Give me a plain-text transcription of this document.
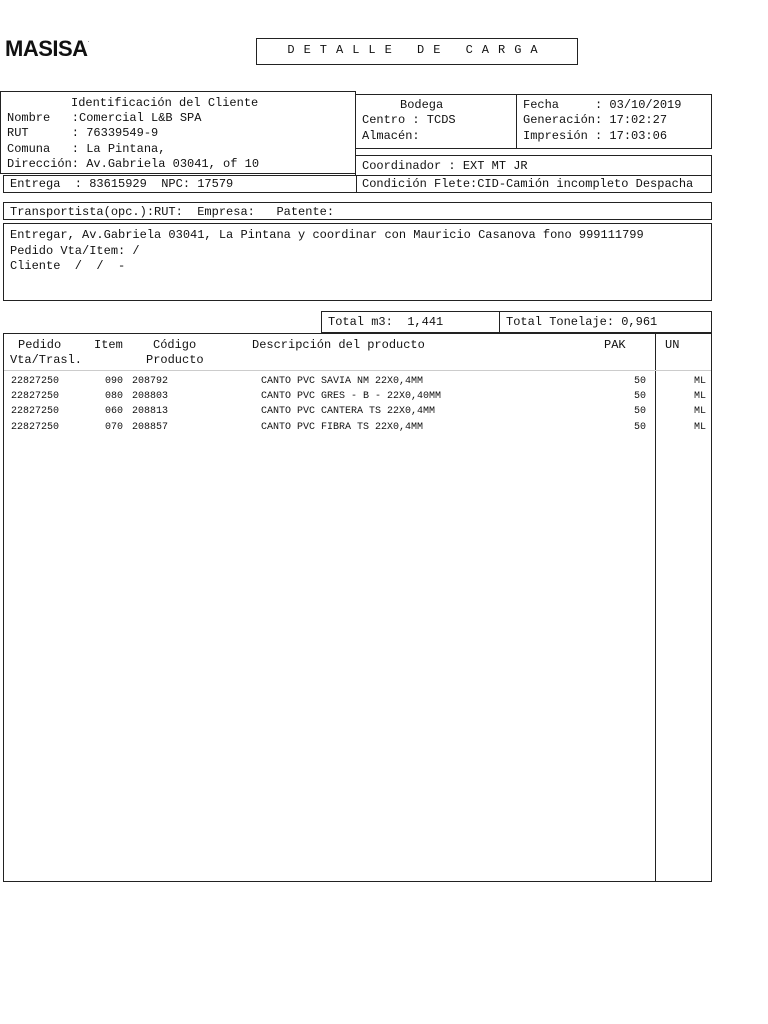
MASISA.
DETALLE DE CARGA
Identificación del Cliente
Nombre   :Comercial L&B SPA
RUT      : 76339549-9
Comuna   : La Pintana,
Dirección: Av.Gabriela 03041, of 10
Bodega
Centro : TCDS
Almacén:
Fecha     : 03/10/2019
Generación: 17:02:27
Impresión : 17:03:06
Coordinador : EXT MT JR
Entrega  : 83615929  NPC: 17579	Condición Flete:CID-Camión incompleto Despacha
Transportista(opc.):RUT:  Empresa:   Patente:
Entregar, Av.Gabriela 03041, La Pintana y coordinar con Mauricio Casanova fono 999111799
Pedido Vta/Item: /
Cliente  /  /  -
Total m3:  1,441	Total Tonelaje: 0,961
Pedido
Vta/Trasl.
Item	Código
Producto
Descripción del producto	PAK	UN
22827250	090 208792	CANTO PVC SAVIA NM 22X0,4MM	50	ML
22827250	080 208803	CANTO PVC GRES - B - 22X0,40MM	50	ML
22827250	060 208813	CANTO PVC CANTERA TS 22X0,4MM	50	ML
22827250	070 208857	CANTO PVC FIBRA TS 22X0,4MM	50	ML
